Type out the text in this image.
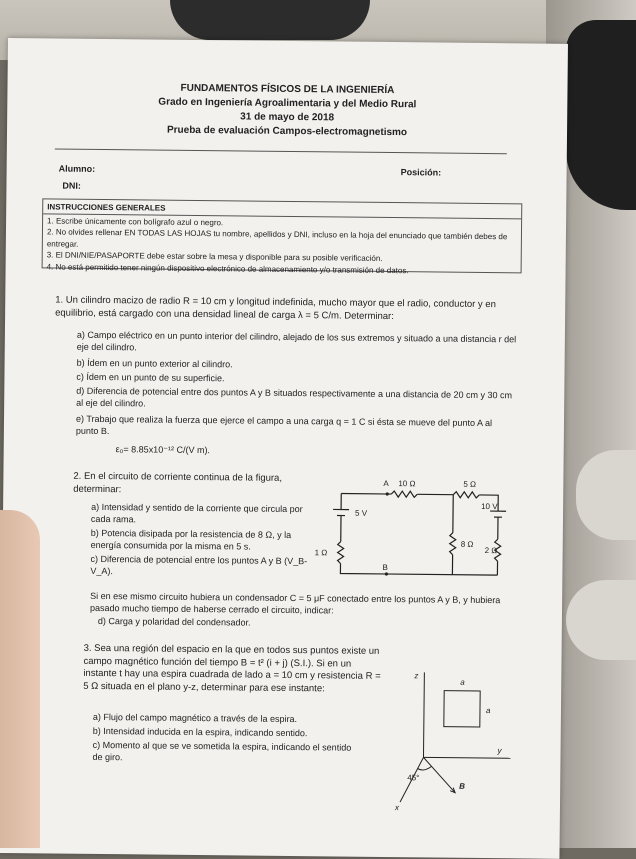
FUNDAMENTOS FÍSICOS DE LA INGENIERÍA
Grado en Ingeniería Agroalimentaria y del Medio Rural
31 de mayo de 2018
Prueba de evaluación Campos-electromagnetismo
Alumno:	Posición:
DNI:
INSTRUCCIONES GENERALES
1. Escribe únicamente con bolígrafo azul o negro.
2. No olvides rellenar EN TODAS LAS HOJAS tu nombre, apellidos y DNI, incluso en la hoja del enunciado que también debes de entregar.
3. El DNI/NIE/PASAPORTE debe estar sobre la mesa y disponible para su posible verificación.
4. No está permitido tener ningún dispositivo electrónico de almacenamiento y/o transmisión de datos.
1. Un cilindro macizo de radio R = 10 cm y longitud indefinida, mucho mayor que el radio, conductor y en equilibrio, está cargado con una densidad lineal de carga λ = 5 C/m. Determinar:
a) Campo eléctrico en un punto interior del cilindro, alejado de los sus extremos y situado a una distancia r del eje del cilindro.
b) Ídem en un punto exterior al cilindro.
c) Ídem en un punto de su superficie.
d) Diferencia de potencial entre dos puntos A y B situados respectivamente a una distancia de 20 cm y 30 cm al eje del cilindro.
e) Trabajo que realiza la fuerza que ejerce el campo a una carga q = 1 C si ésta se mueve del punto A al punto B.
ε₀= 8.85x10⁻¹² C/(V m).
2. En el circuito de corriente continua de la figura, determinar:
a) Intensidad y sentido de la corriente que circula por cada rama.
b) Potencia disipada por la resistencia de 8 Ω, y la energía consumida por la misma en 5 s.
c) Diferencia de potencial entre los puntos A y B (V_B-V_A).
Si en ese mismo circuito hubiera un condensador C = 5 μF conectado entre los puntos A y B, y hubiera pasado mucho tiempo de haberse cerrado el circuito, indicar:
d) Carga y polaridad del condensador.
A
B
10 Ω	5 Ω
5 V
1 Ω
8 Ω
10 V
2 Ω
3. Sea una región del espacio en la que en todos sus puntos existe un campo magnético función del tiempo B = t² (i + j) (S.I.). Si en un instante t hay una espira cuadrada de lado a = 10 cm y resistencia R = 5 Ω situada en el plano y-z, determinar para ese instante:
a) Flujo del campo magnético a través de la espira.
b) Intensidad inducida en la espira, indicando sentido.
c) Momento al que se ve sometida la espira, indicando el sentido de giro.
z
y
x
a
a
45°
B
